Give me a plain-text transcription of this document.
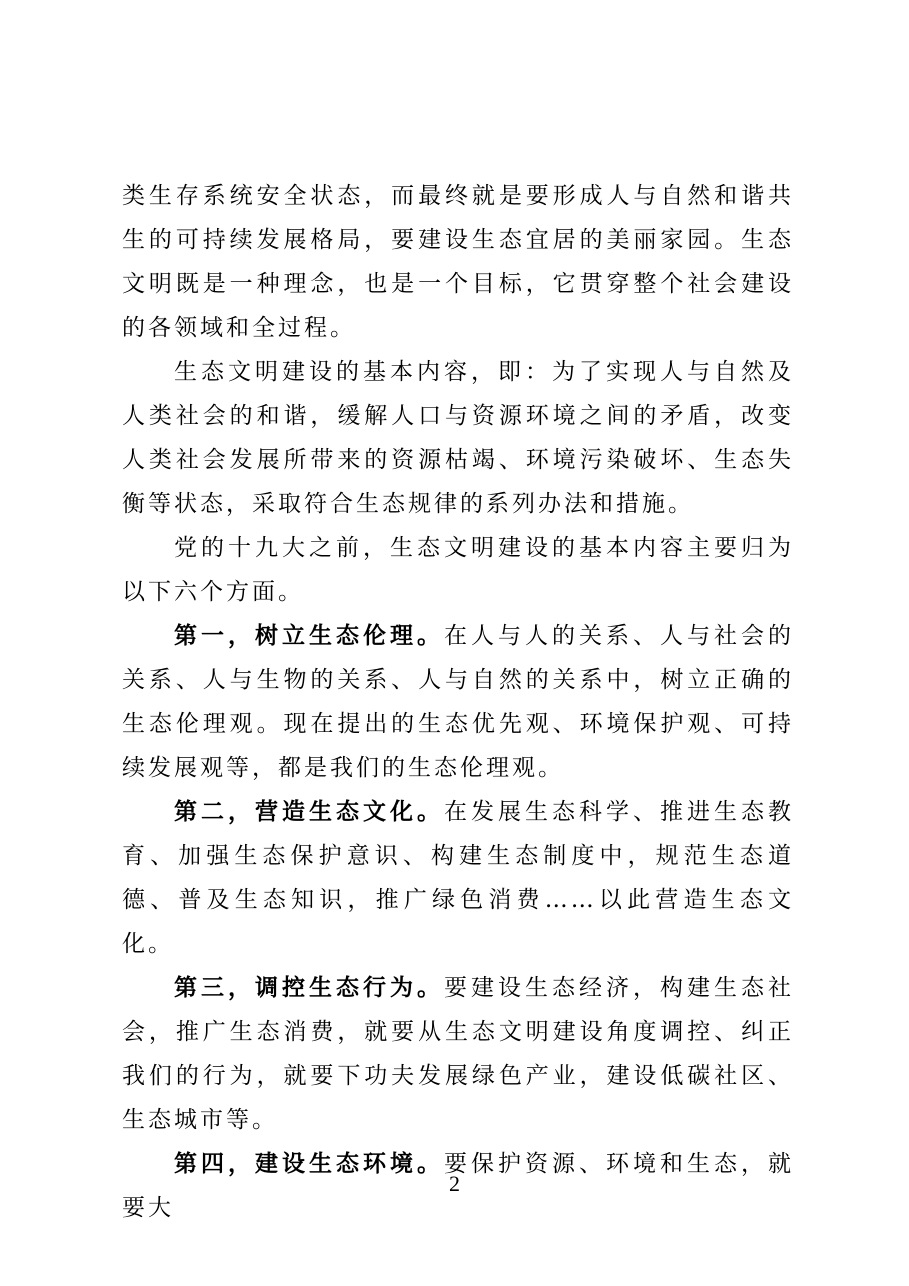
类生存系统安全状态，而最终就是要形成人与自然和谐共生的可持续发展格局，要建设生态宜居的美丽家园。生态文明既是一种理念，也是一个目标，它贯穿整个社会建设的各领域和全过程。

生态文明建设的基本内容，即：为了实现人与自然及人类社会的和谐，缓解人口与资源环境之间的矛盾，改变人类社会发展所带来的资源枯竭、环境污染破坏、生态失衡等状态，采取符合生态规律的系列办法和措施。

党的十九大之前，生态文明建设的基本内容主要归为以下六个方面。

第一，树立生态伦理。在人与人的关系、人与社会的关系、人与生物的关系、人与自然的关系中，树立正确的生态伦理观。现在提出的生态优先观、环境保护观、可持续发展观等，都是我们的生态伦理观。

第二，营造生态文化。在发展生态科学、推进生态教育、加强生态保护意识、构建生态制度中，规范生态道德、普及生态知识，推广绿色消费……以此营造生态文化。

第三，调控生态行为。要建设生态经济，构建生态社会，推广生态消费，就要从生态文明建设角度调控、纠正我们的行为，就要下功夫发展绿色产业，建设低碳社区、生态城市等。

第四，建设生态环境。要保护资源、环境和生态，就要大

2
